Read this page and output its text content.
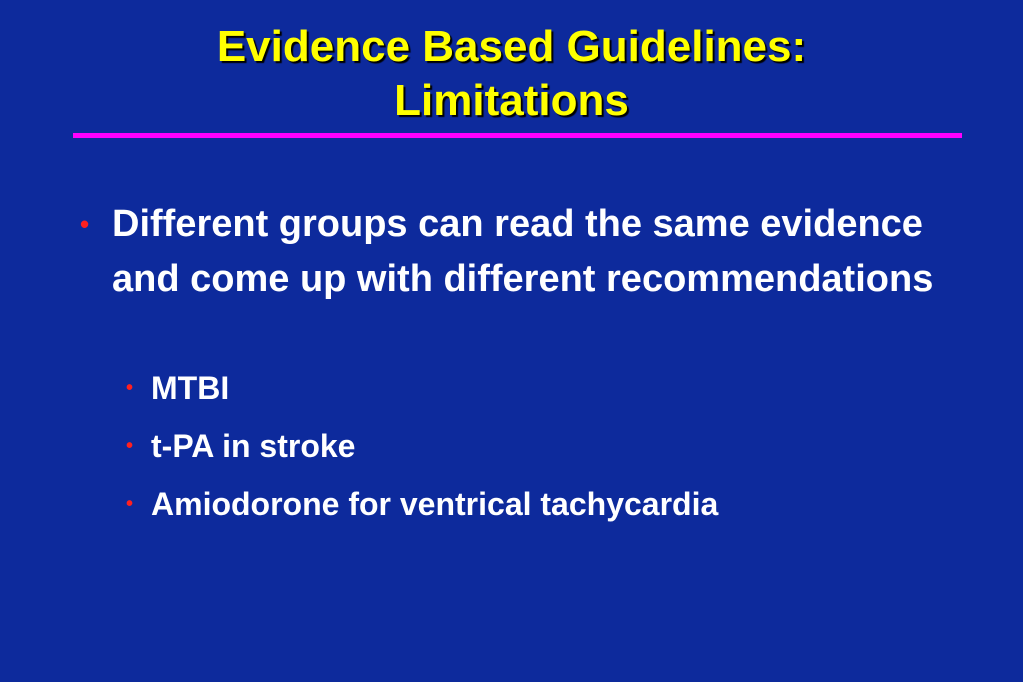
Evidence Based Guidelines:
Limitations
• Different groups can read the same evidence and come up with different recommendations
• MTBI
• t-PA in stroke
• Amiodorone for ventrical tachycardia
